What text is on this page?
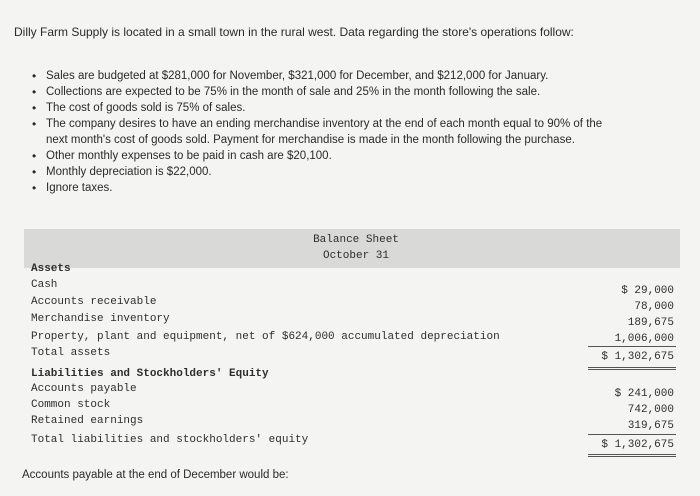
Dilly Farm Supply is located in a small town in the rural west. Data regarding the store's operations follow:
• Sales are budgeted at $281,000 for November, $321,000 for December, and $212,000 for January.
• Collections are expected to be 75% in the month of sale and 25% in the month following the sale.
• The cost of goods sold is 75% of sales.
• The company desires to have an ending merchandise inventory at the end of each month equal to 90% of the
next month's cost of goods sold. Payment for merchandise is made in the month following the purchase.
• Other monthly expenses to be paid in cash are $20,100.
• Monthly depreciation is $22,000.
• Ignore taxes.
Balance Sheet
October 31
Assets
Cash	$ 29,000
Accounts receivable	78,000
Merchandise inventory	189,675
Property, plant and equipment, net of $624,000 accumulated depreciation	1,006,000
Total assets	$ 1,302,675
Liabilities and Stockholders' Equity
Accounts payable	$ 241,000
Common stock	742,000
Retained earnings	319,675
Total liabilities and stockholders' equity	$ 1,302,675
Accounts payable at the end of December would be:
